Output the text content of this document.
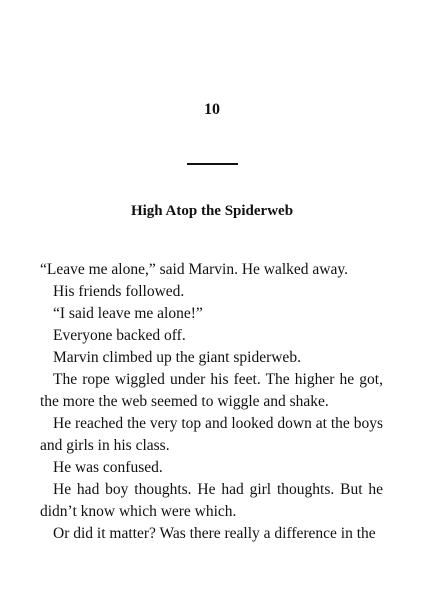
10
High Atop the Spiderweb

“Leave me alone,” said Marvin. He walked away.

His friends followed.

“I said leave me alone!”

Everyone backed off.

Marvin climbed up the giant spiderweb.

The rope wiggled under his feet. The higher he got, the more the web seemed to wiggle and shake.

He reached the very top and looked down at the boys and girls in his class.

He was confused.

He had boy thoughts. He had girl thoughts. But he didn’t know which were which.

Or did it matter? Was there really a difference in the
